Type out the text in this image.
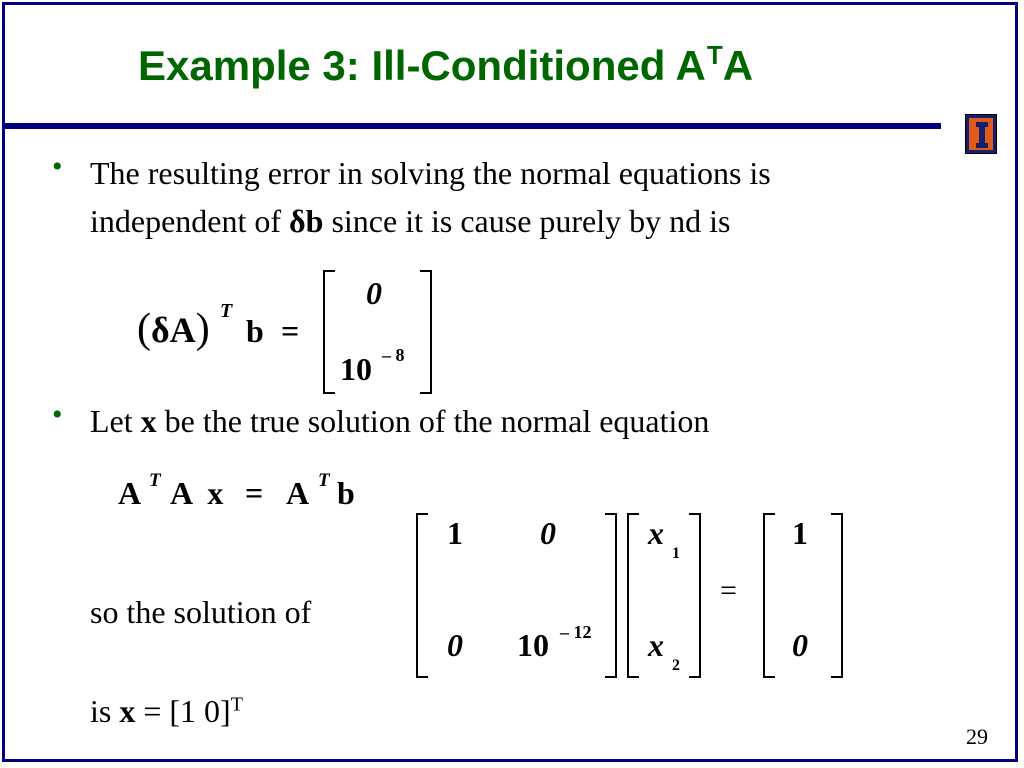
Example 3: Ill-Conditioned $A^TA$
• The resulting error in solving the normal equations is
independent of δb since it is cause purely by nd is
(δA) T
b =
0
10 – 8
• Let x be the true solution of the normal equation
A T A x = A T b
1 0
0 10 – 12
x
1
x
2
=
1
0
so the solution of
is x = [1 0]$^T$
29
